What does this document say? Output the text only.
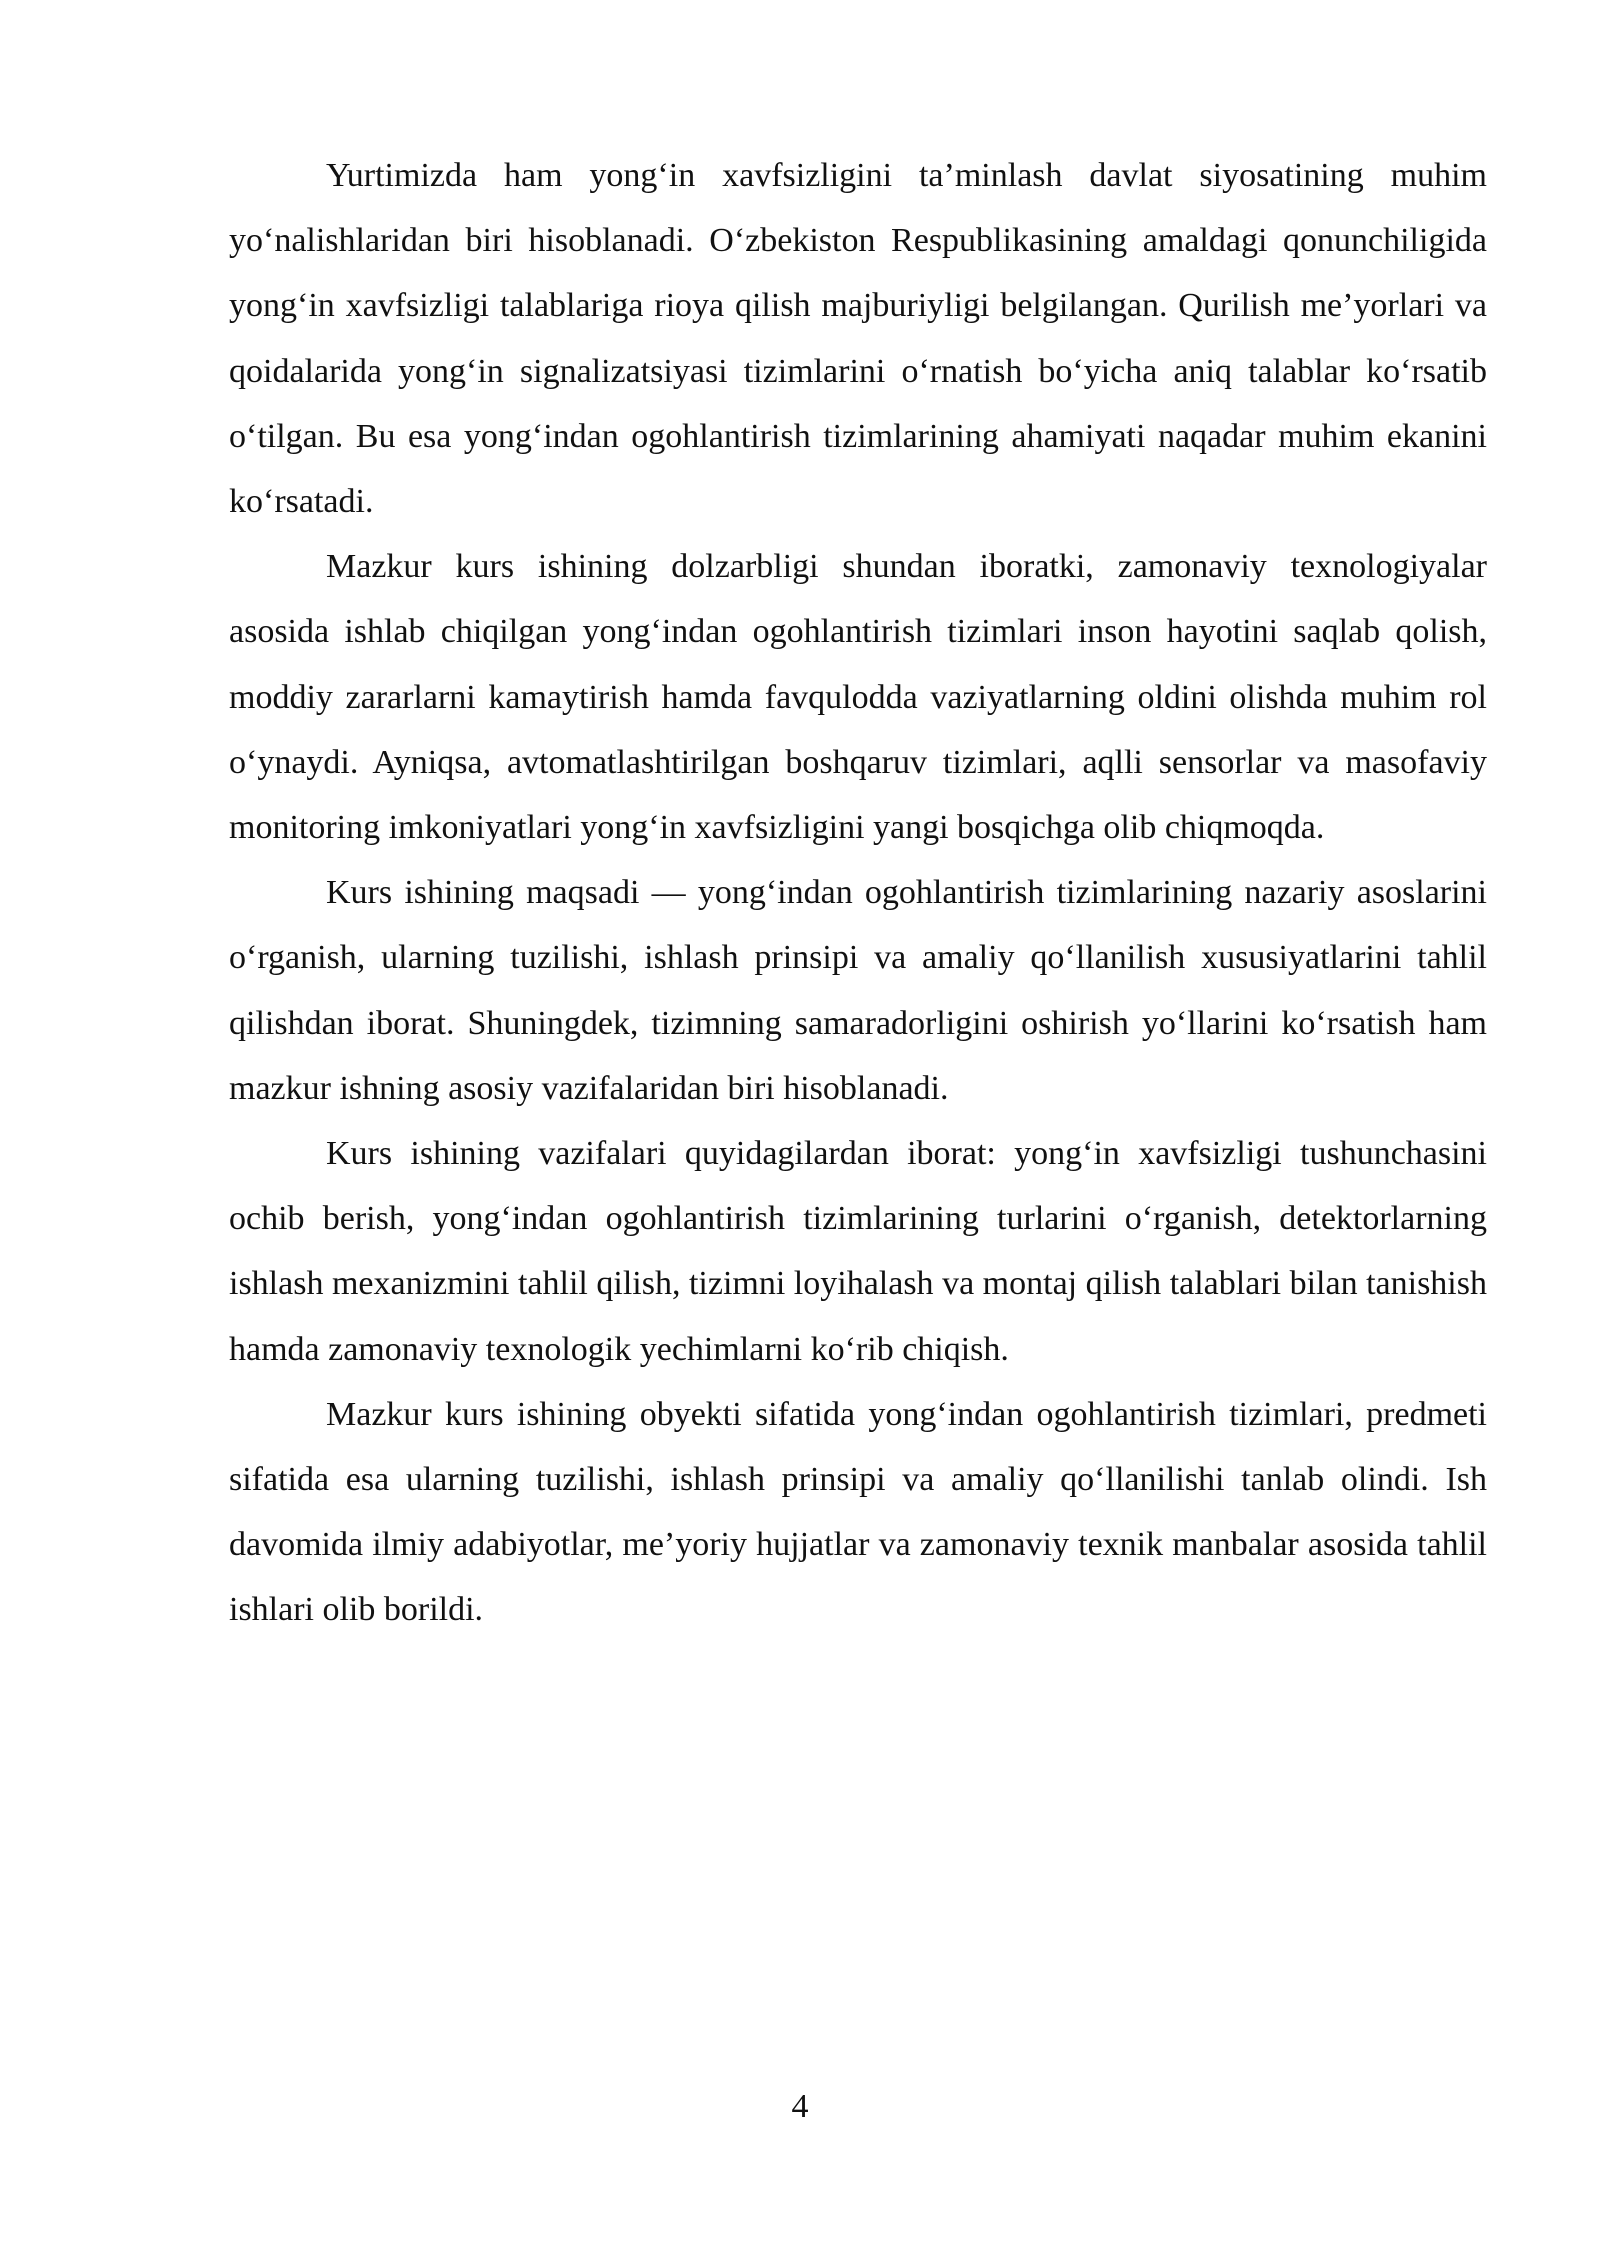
Yurtimizda ham yong‘in xavfsizligini ta’minlash davlat siyosatining muhim yo‘nalishlaridan biri hisoblanadi. O‘zbekiston Respublikasining amaldagi qonunchiligida yong‘in xavfsizligi talablariga rioya qilish majburiyligi belgilangan. Qurilish me’yorlari va qoidalarida yong‘in signalizatsiyasi tizimlarini o‘rnatish bo‘yicha aniq talablar ko‘rsatib o‘tilgan. Bu esa yong‘indan ogohlantirish tizimlarining ahamiyati naqadar muhim ekanini ko‘rsatadi.

Mazkur kurs ishining dolzarbligi shundan iboratki, zamonaviy texnologiyalar asosida ishlab chiqilgan yong‘indan ogohlantirish tizimlari inson hayotini saqlab qolish, moddiy zararlarni kamaytirish hamda favqulodda vaziyatlarning oldini olishda muhim rol o‘ynaydi. Ayniqsa, avtomatlashtirilgan boshqaruv tizimlari, aqlli sensorlar va masofaviy monitoring imkoniyatlari yong‘in xavfsizligini yangi bosqichga olib chiqmoqda.

Kurs ishining maqsadi — yong‘indan ogohlantirish tizimlarining nazariy asoslarini o‘rganish, ularning tuzilishi, ishlash prinsipi va amaliy qo‘llanilish xususiyatlarini tahlil qilishdan iborat. Shuningdek, tizimning samaradorligini oshirish yo‘llarini ko‘rsatish ham mazkur ishning asosiy vazifalaridan biri hisoblanadi.

Kurs ishining vazifalari quyidagilardan iborat: yong‘in xavfsizligi tushunchasini ochib berish, yong‘indan ogohlantirish tizimlarining turlarini o‘rganish, detektorlarning ishlash mexanizmini tahlil qilish, tizimni loyihalash va montaj qilish talablari bilan tanishish hamda zamonaviy texnologik yechimlarni ko‘rib chiqish.

Mazkur kurs ishining obyekti sifatida yong‘indan ogohlantirish tizimlari, predmeti sifatida esa ularning tuzilishi, ishlash prinsipi va amaliy qo‘llanilishi tanlab olindi. Ish davomida ilmiy adabiyotlar, me’yoriy hujjatlar va zamonaviy texnik manbalar asosida tahlil ishlari olib borildi.

4
